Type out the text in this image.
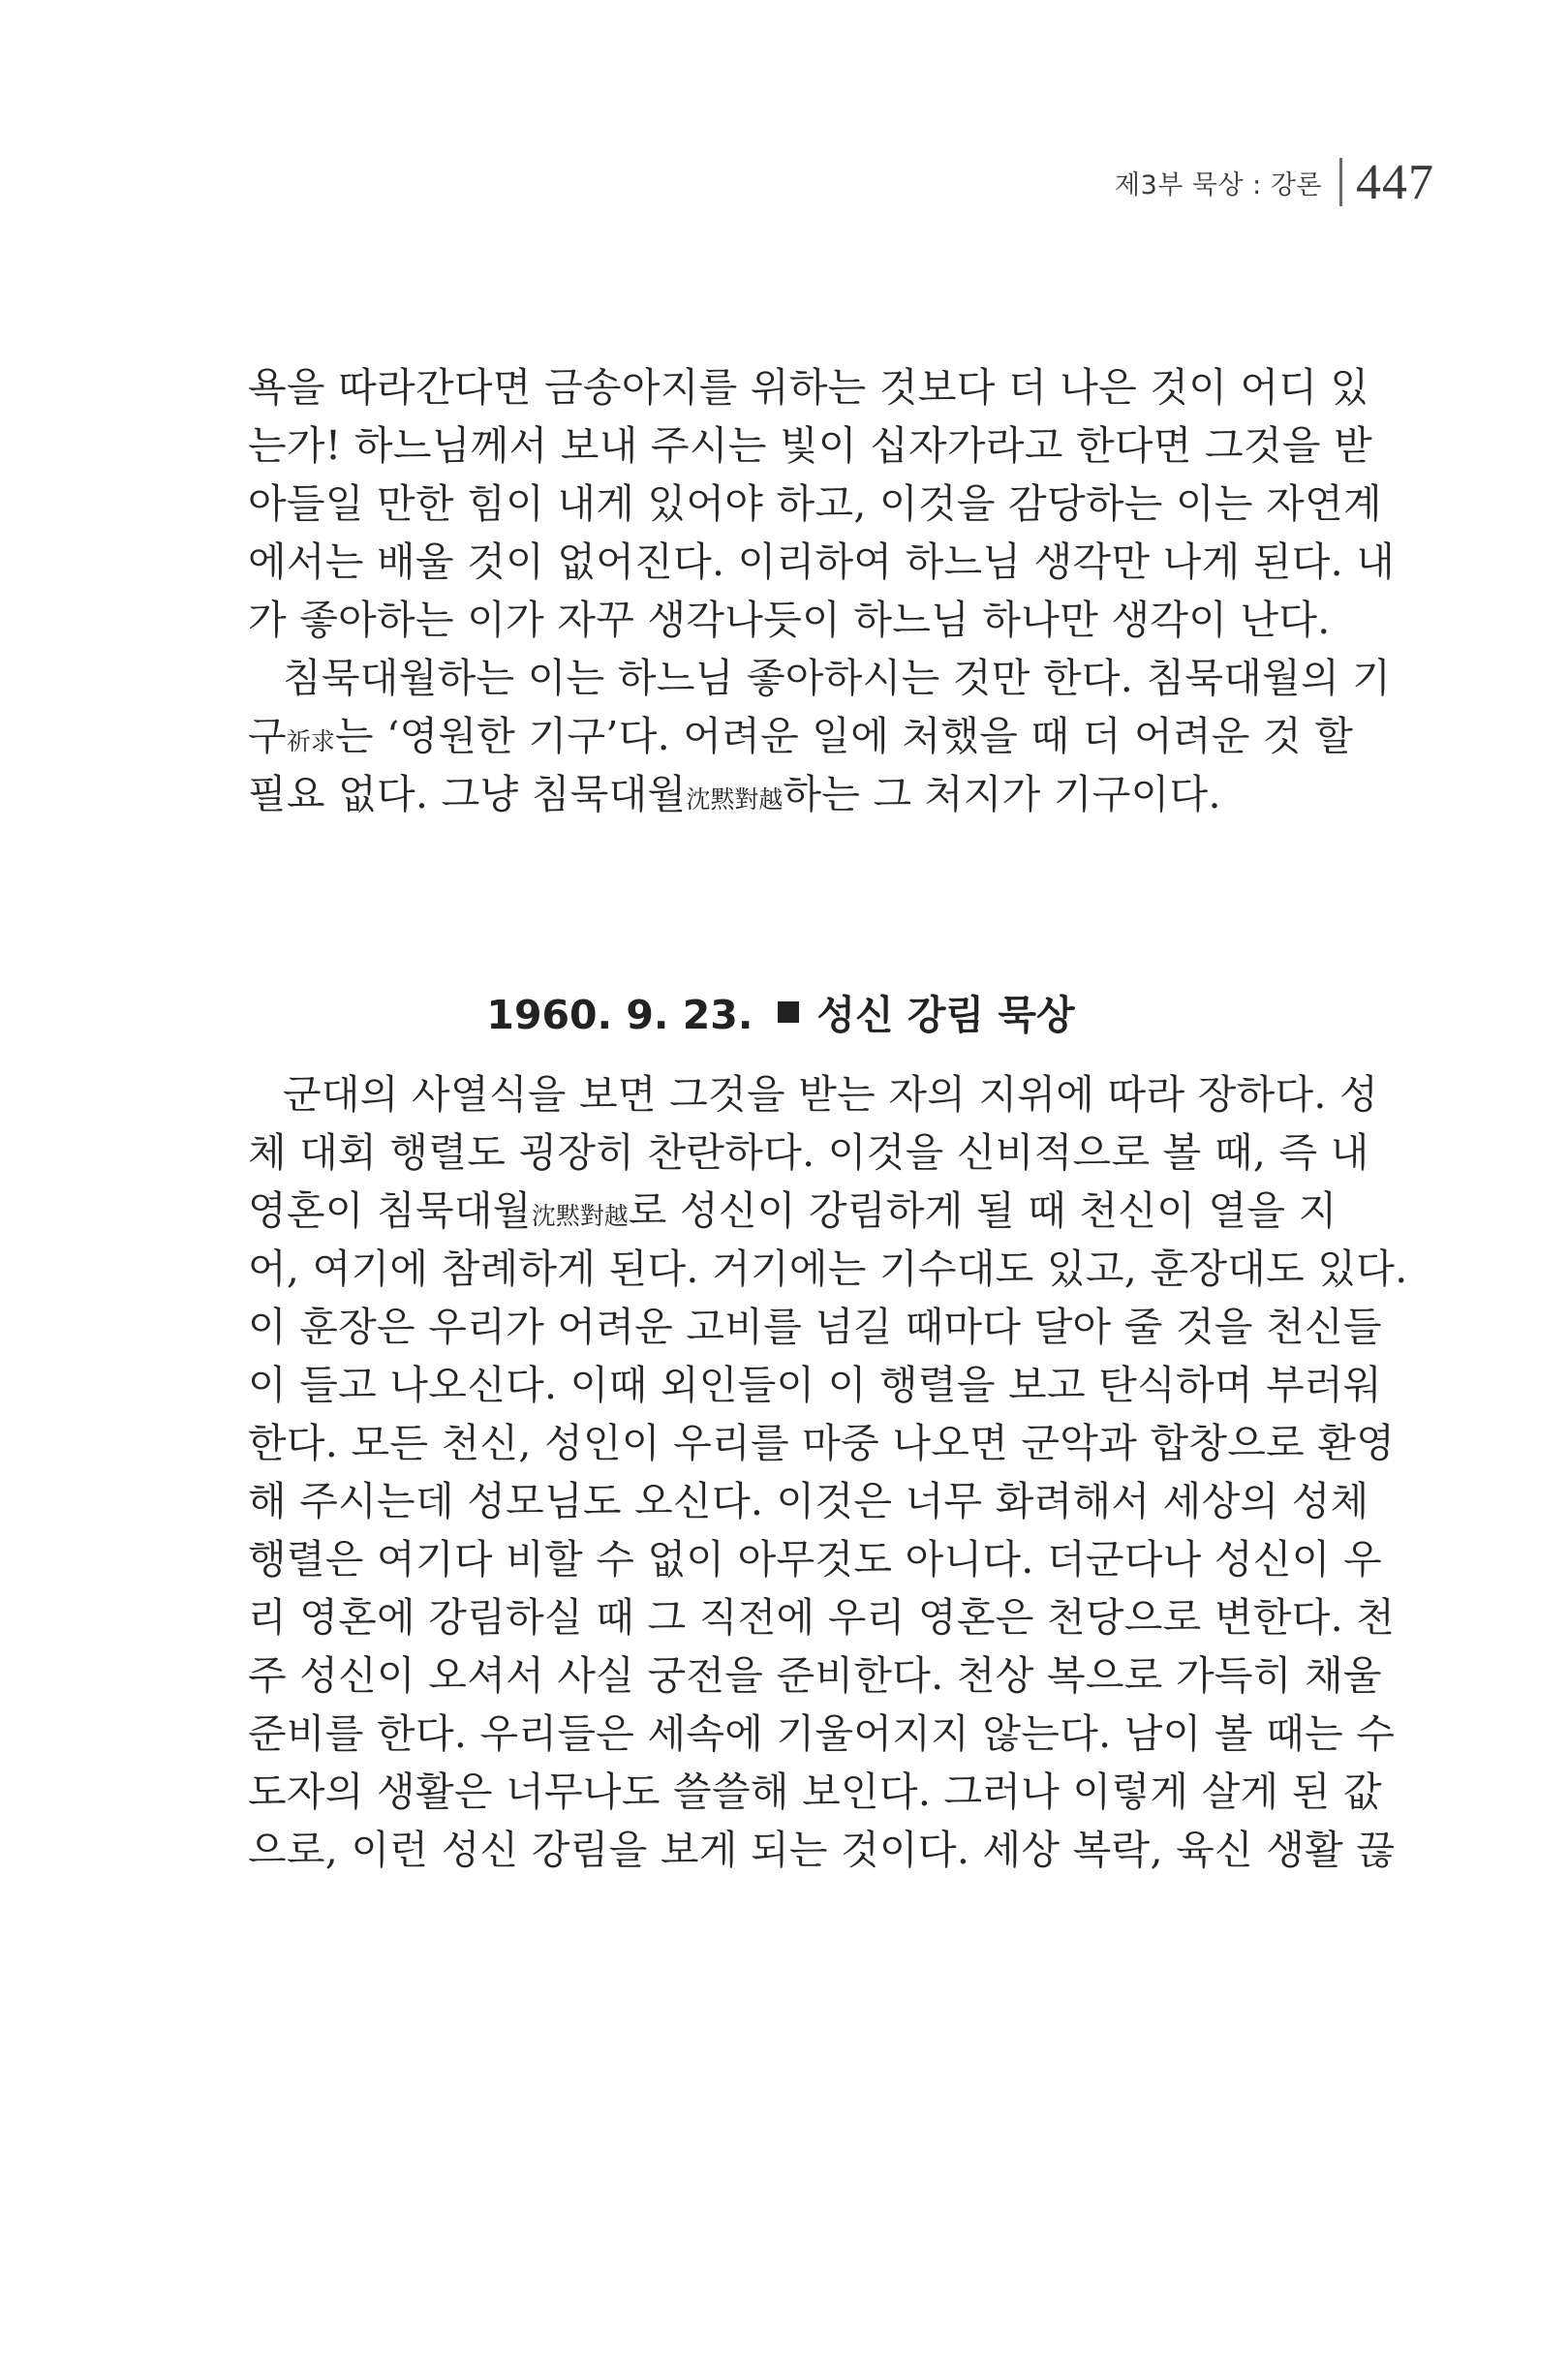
제3부 묵상 : 강론 447
욕을 따라간다면 금송아지를 위하는 것보다 더 나은 것이 어디 있
는가! 하느님께서 보내 주시는 빛이 십자가라고 한다면 그것을 받
아들일 만한 힘이 내게 있어야 하고, 이것을 감당하는 이는 자연계
에서는 배울 것이 없어진다. 이리하여 하느님 생각만 나게 된다. 내
가 좋아하는 이가 자꾸 생각나듯이 하느님 하나만 생각이 난다.
침묵대월하는 이는 하느님 좋아하시는 것만 한다. 침묵대월의 기
구祈求는 ‘영원한 기구’다. 어려운 일에 처했을 때 더 어려운 것 할
필요 없다. 그냥 침묵대월沈黙對越하는 그 처지가 기구이다.
1960. 9. 23. 성신 강림 묵상
군대의 사열식을 보면 그것을 받는 자의 지위에 따라 장하다. 성
체 대회 행렬도 굉장히 찬란하다. 이것을 신비적으로 볼 때, 즉 내
영혼이 침묵대월沈黙對越로 성신이 강림하게 될 때 천신이 열을 지
어, 여기에 참례하게 된다. 거기에는 기수대도 있고, 훈장대도 있다.
이 훈장은 우리가 어려운 고비를 넘길 때마다 달아 줄 것을 천신들
이 들고 나오신다. 이때 외인들이 이 행렬을 보고 탄식하며 부러워
한다. 모든 천신, 성인이 우리를 마중 나오면 군악과 합창으로 환영
해 주시는데 성모님도 오신다. 이것은 너무 화려해서 세상의 성체
행렬은 여기다 비할 수 없이 아무것도 아니다. 더군다나 성신이 우
리 영혼에 강림하실 때 그 직전에 우리 영혼은 천당으로 변한다. 천
주 성신이 오셔서 사실 궁전을 준비한다. 천상 복으로 가득히 채울
준비를 한다. 우리들은 세속에 기울어지지 않는다. 남이 볼 때는 수
도자의 생활은 너무나도 쓸쓸해 보인다. 그러나 이렇게 살게 된 값
으로, 이런 성신 강림을 보게 되는 것이다. 세상 복락, 육신 생활 끊
